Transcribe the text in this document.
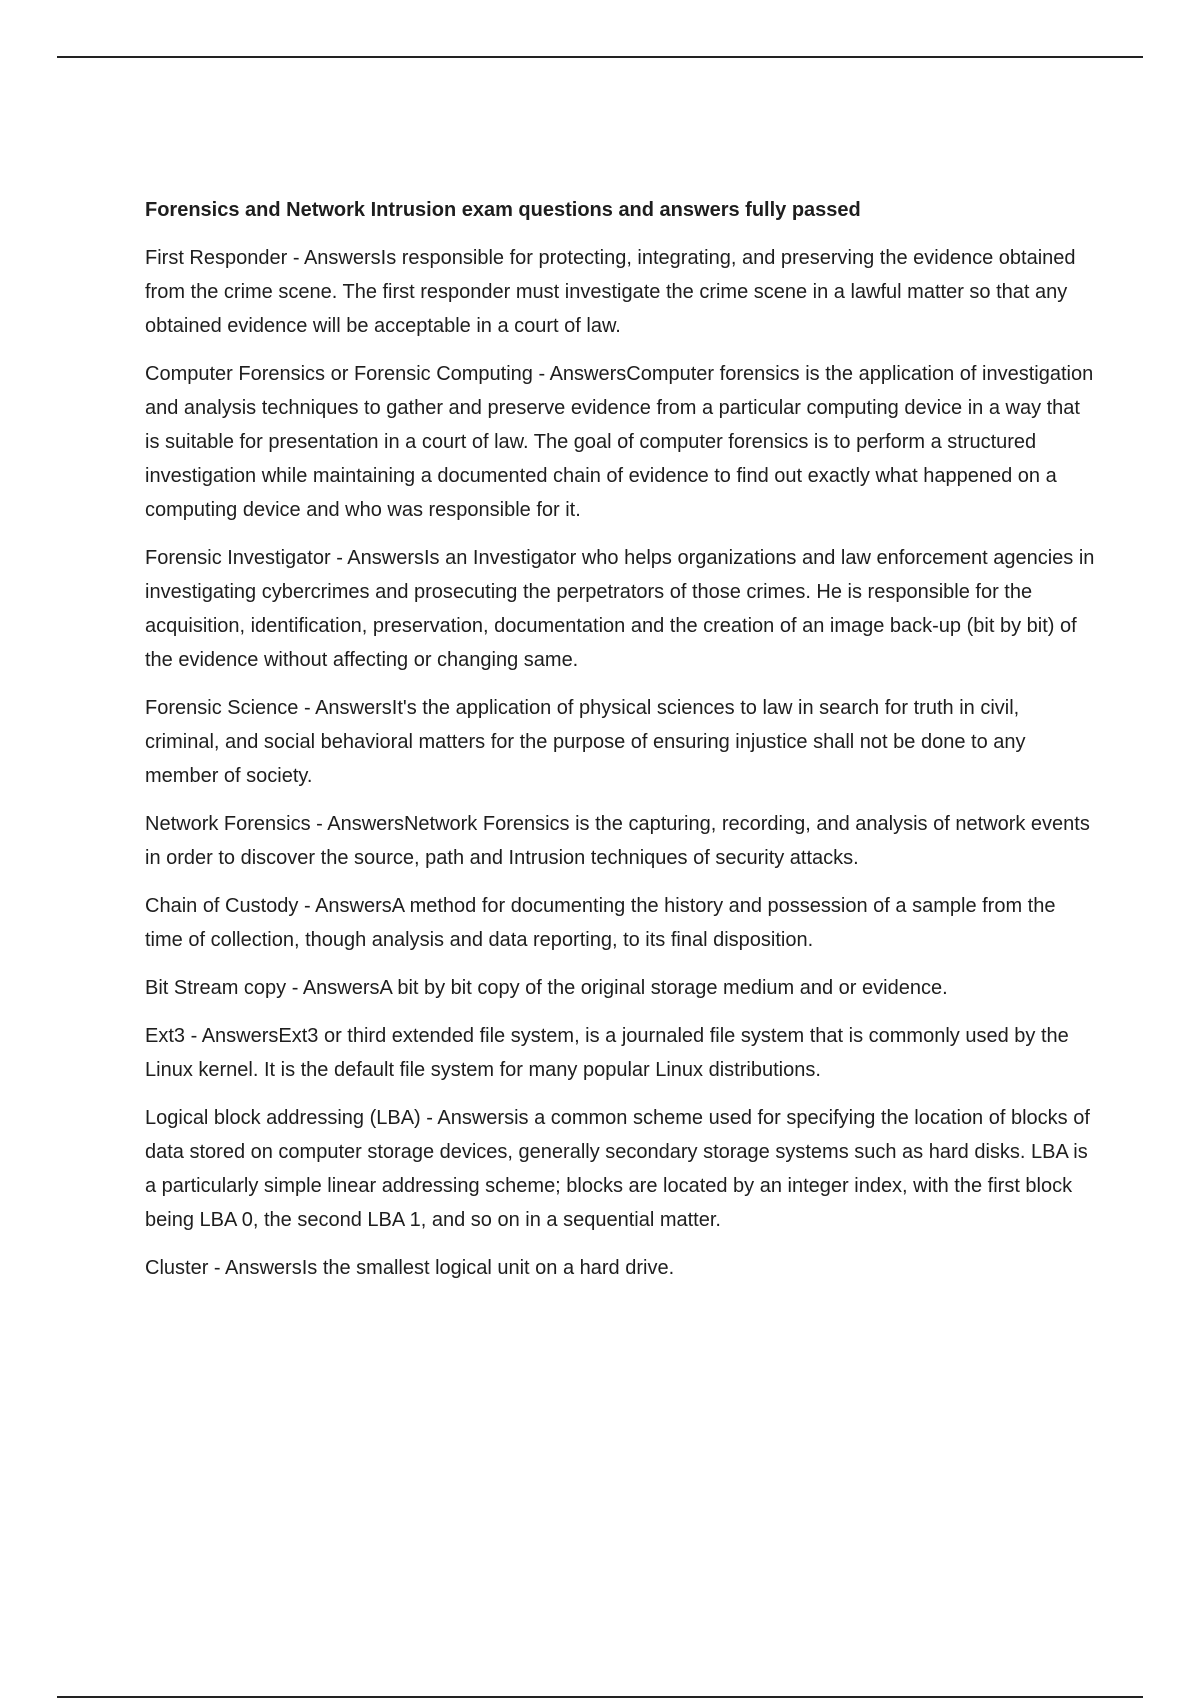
Forensics and Network Intrusion exam questions and answers fully passed

First Responder - AnswersIs responsible for protecting, integrating, and preserving the evidence obtained from the crime scene. The first responder must investigate the crime scene in a lawful matter so that any obtained evidence will be acceptable in a court of law.

Computer Forensics or Forensic Computing - AnswersComputer forensics is the application of investigation and analysis techniques to gather and preserve evidence from a particular computing device in a way that is suitable for presentation in a court of law. The goal of computer forensics is to perform a structured investigation while maintaining a documented chain of evidence to find out exactly what happened on a computing device and who was responsible for it.

Forensic Investigator - AnswersIs an Investigator who helps organizations and law enforcement agencies in investigating cybercrimes and prosecuting the perpetrators of those crimes. He is responsible for the acquisition, identification, preservation, documentation and the creation of an image back-up (bit by bit) of the evidence without affecting or changing same.

Forensic Science - AnswersIt's the application of physical sciences to law in search for truth in civil, criminal, and social behavioral matters for the purpose of ensuring injustice shall not be done to any member of society.

Network Forensics - AnswersNetwork Forensics is the capturing, recording, and analysis of network events in order to discover the source, path and Intrusion techniques of security attacks.

Chain of Custody - AnswersA method for documenting the history and possession of a sample from the time of collection, though analysis and data reporting, to its final disposition.

Bit Stream copy - AnswersA bit by bit copy of the original storage medium and or evidence.

Ext3 - AnswersExt3 or third extended file system, is a journaled file system that is commonly used by the Linux kernel. It is the default file system for many popular Linux distributions.

Logical block addressing (LBA) - Answersis a common scheme used for specifying the location of blocks of data stored on computer storage devices, generally secondary storage systems such as hard disks. LBA is a particularly simple linear addressing scheme; blocks are located by an integer index, with the first block being LBA 0, the second LBA 1, and so on in a sequential matter.

Cluster - AnswersIs the smallest logical unit on a hard drive.
